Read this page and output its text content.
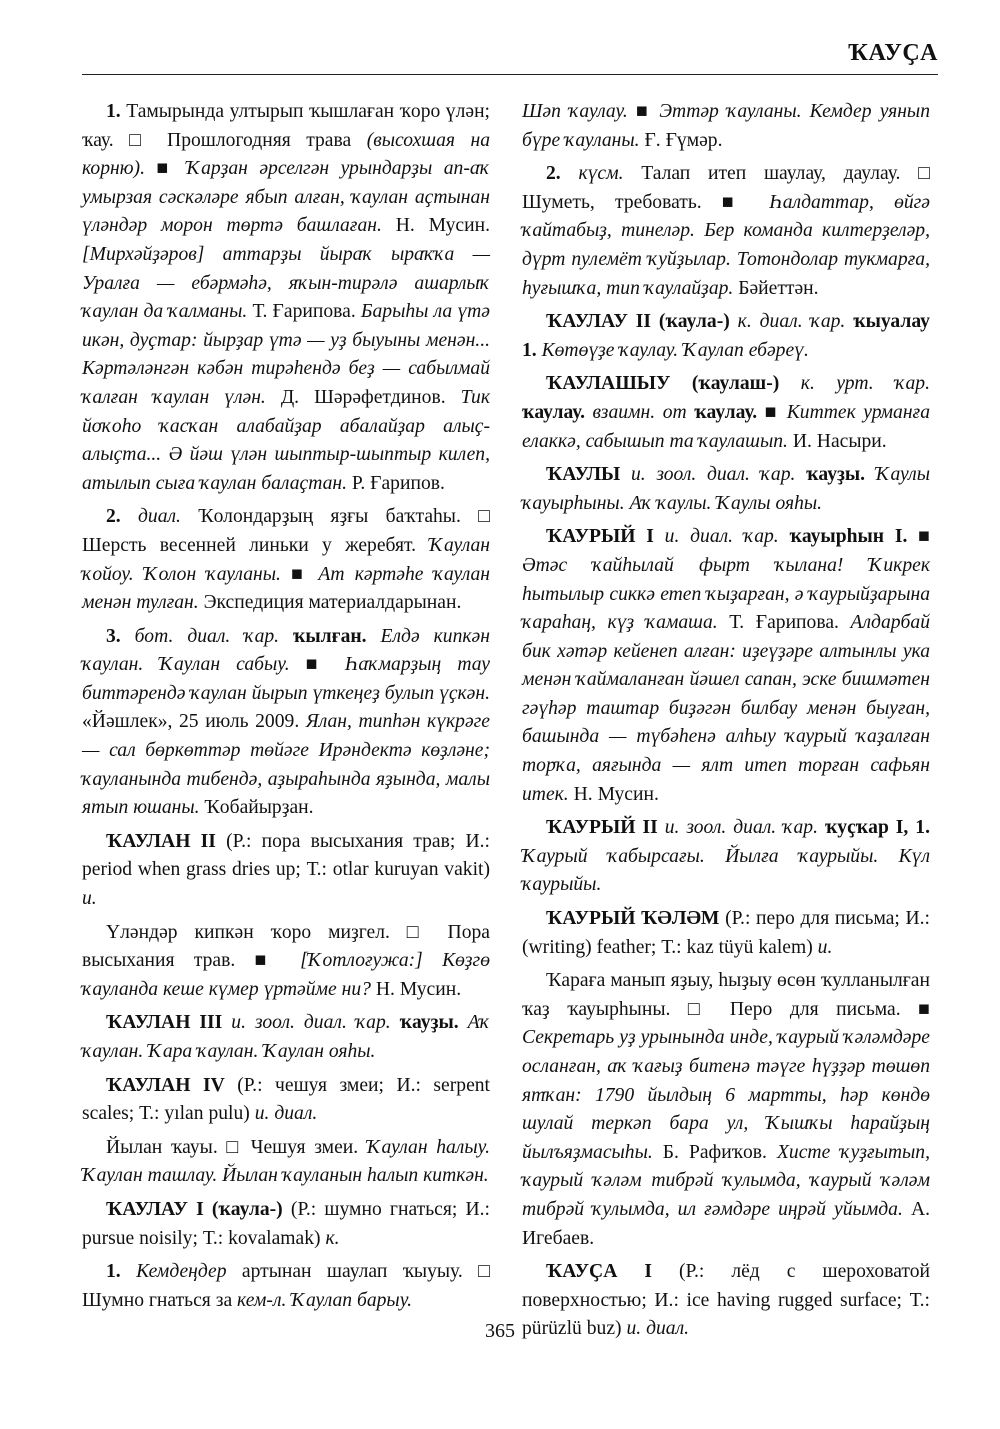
ҠАУҪА

1. Тамырында ултырып ҡышлаған ҡоро үлән; ҡау. □ Прошлогодняя трава (высохшая на корню). ■ Ҡарҙан әрселгән урындарҙы ап-аҡ умырзая сәскәләре ябып алған, ҡаулан аҫтынан үләндәр морон төртә башлаған. Н. Мусин. [Мирхәйҙәров] аттарҙы йыраҡ ыраҡҡа — Уралға — ебәрмәһә, яҡын-тирәлә ашарлыҡ ҡаулан да ҡалманы. Т. Ғарипова. Барыһы ла үтә икән, дуҫтар: йырҙар үтә — уҙ быуыны менән... Кәртәләнгән кәбән тирәһендә беҙ — сабылмай ҡалған ҡаулан үлән. Д. Шәрәфетдинов. Тик йоҡоһо ҡасҡан алабайҙар абалайҙар алыҫ-алыҫта... Ә йәш үлән шыптыр-шыптыр килеп, атылып сыға ҡаулан балаҫтан. Р. Ғарипов.

2. диал. Ҡолондарҙың яҙғы баҡтаһы. □ Шерсть весенней линьки у жеребят. Ҡаулан ҡойоу. Ҡолон ҡауланы. ■ Ат кәртәһе ҡаулан менән тулған. Экспедиция материалдарынан.

3. бот. диал. ҡар. ҡылған. Елдә кипкән ҡаулан. Ҡаулан сабыу. ■ Һаҡмарҙың тау биттәрендә ҡаулан йырып үткеңеҙ булып үҫкән. «Йәшлек», 25 июль 2009. Ялан, типһән күкрәге — сал бөркөттәр төйәге Ирәндектә көҙләне; ҡауланында тибендә, аҙыраһында яҙында, малы ятып юшаны. Ҡобайырҙан.

ҠАУЛАН II (Р.: пора высыхания трав; И.: period when grass dries up; Т.: otlar kuruyan vakit) и.

Үләндәр кипкән ҡоро миҙгел. □ Пора высыхания трав. ■ [Ҡотлоғужа:] Көҙгө ҡауланда кеше күмер үртәйме ни? Н. Мусин.

ҠАУЛАН III и. зоол. диал. ҡар. ҡауҙы. Аҡ ҡаулан. Ҡара ҡаулан. Ҡаулан ояһы.

ҠАУЛАН IV (Р.: чешуя змеи; И.: serpent scales; Т.: yılan pulu) и. диал.

Йылан ҡауы. □ Чешуя змеи. Ҡаулан һалыу. Ҡаулан ташлау. Йылан ҡауланын һалып киткән.

ҠАУЛАУ I (ҡаула-) (Р.: шумно гнаться; И.: pursue noisily; Т.: kovalamak) к.

1. Кемдеңдер артынан шаулап ҡыуыу. □ Шумно гнаться за кем-л. Ҡаулап барыу.

Шәп ҡаулау. ■ Эттәр ҡауланы. Кемдер уянып бүре ҡауланы. Ғ. Ғүмәр.

2. күсм. Талап итеп шаулау, даулау. □ Шуметь, требовать. ■ Һалдаттар, өйгә ҡайтабыҙ, тинеләр. Бер команда килтерҙеләр, дүрт пулемёт ҡуйҙылар. Тотондолар тукмарға, һуғышҡа, тип ҡаулайҙар. Бәйеттән.

ҠАУЛАУ II (ҡаула-) к. диал. ҡар. ҡыуалау 1. Көтөүҙе ҡаулау. Ҡаулап ебәреү.

ҠАУЛАШЫУ (ҡаулаш-) к. урт. ҡар. ҡаулау. взаимн. от ҡаулау. ■ Киттек урманға елаккә, сабышып та ҡаулашып. И. Насыри.

ҠАУЛЫ и. зоол. диал. ҡар. ҡауҙы. Ҡаулы ҡауырһыны. Аҡ ҡаулы. Ҡаулы ояһы.

ҠАУРЫЙ I и. диал. ҡар. ҡауырһын I. ■ Әтәс ҡайһылай фырт ҡылана! Ҡикрек һытылыр сиккә етеп ҡыҙарған, ә ҡаурыйҙарына ҡараһаң, күҙ ҡамаша. Т. Ғарипова. Алдарбай бик хәтәр кейенеп алған: иҙеүҙәре алтынлы ука менән ҡаймаланған йәшел сапан, эске бишмәтен гәүһәр таштар биҙәгән билбау менән быуған, башында — түбәһенә алһыу ҡаурый ҡаҙалған торҡа, аяғында — ялт итеп торған сафьян итек. Н. Мусин.

ҠАУРЫЙ II и. зоол. диал. ҡар. ҡуҫҡар I, 1. Ҡаурый ҡабырсағы. Йылға ҡаурыйы. Күл ҡаурыйы.

ҠАУРЫЙ ҠӘЛӘМ (Р.: перо для письма; И.: (writing) feather; Т.: kaz tüyü kalem) и.

Ҡараға манып яҙыу, һыҙыу өсөн ҡулланылған ҡаҙ ҡауырһыны. □ Перо для письма. ■ Секретарь уҙ урынында инде, ҡаурый ҡәләмдәре осланған, аҡ ҡағыҙ битенә тәүге һүҙҙәр төшөп ятҡан: 1790 йылдың 6 мартты, һәр көндө шулай теркәп бара ул, Ҡышҡы һарайҙың йылъяҙмасыһы. Б. Рафиҡов. Хисте ҡуҙғытып, ҡаурый ҡәләм тибрәй ҡулымда, ҡаурый ҡәләм тибрәй ҡулымда, ил ғәмдәре иңрәй уйымда. А. Игебаев.

ҠАУҪА I (Р.: лёд с шероховатой поверхностью; И.: ice having rugged surface; Т.: pürüzlü buz) и. диал.

365
